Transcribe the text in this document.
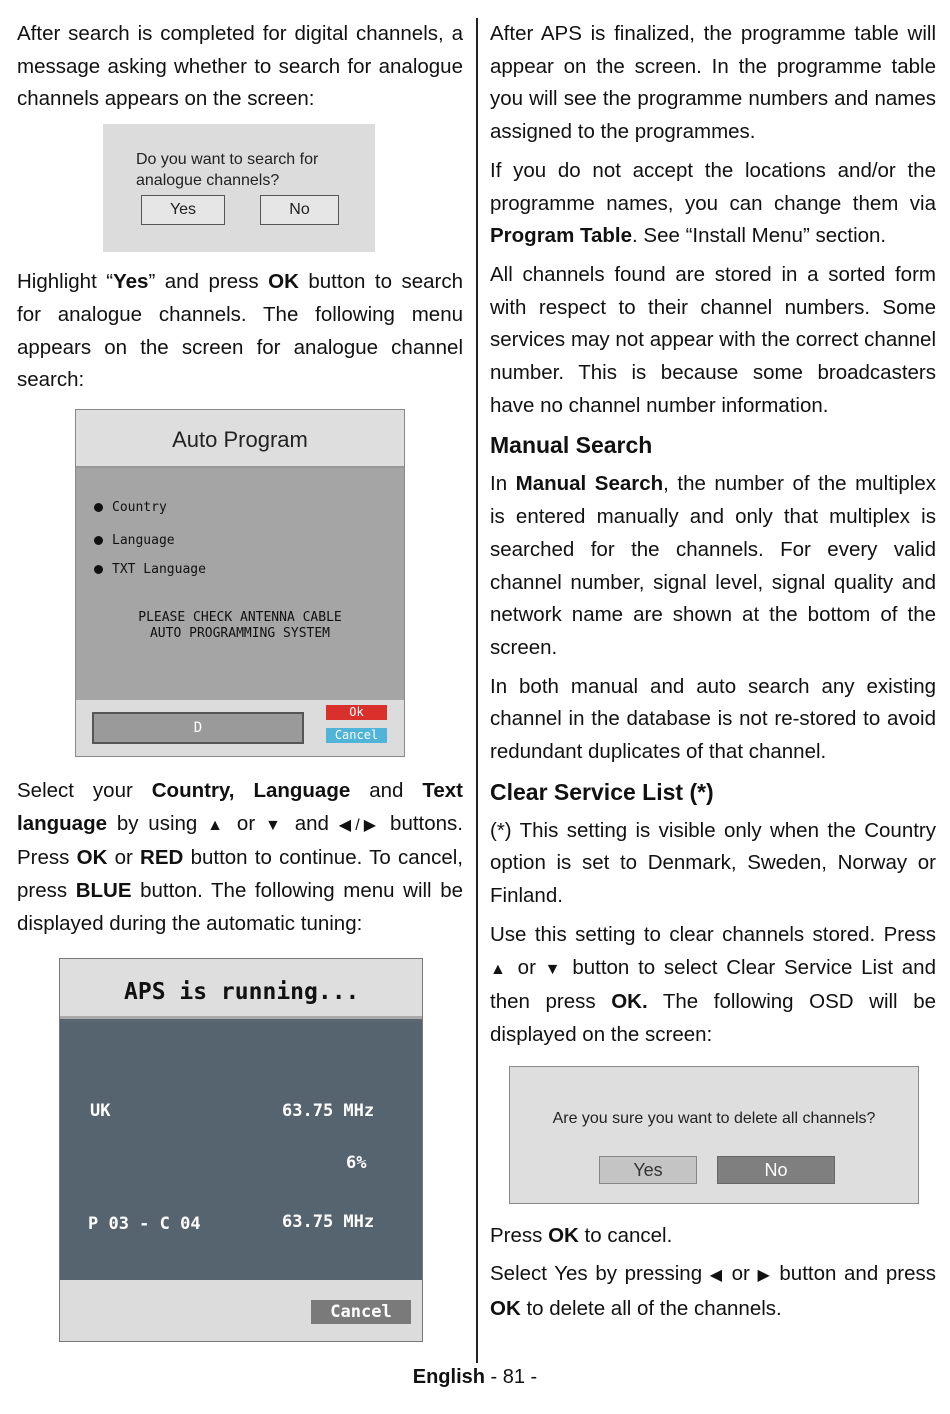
After search is completed for digital channels, a message asking whether to search for analogue channels appears on the screen:

Do you want to search for
analogue channels?
Yes	No

Highlight “Yes” and press OK button to search for analogue channels. The following menu appears on the screen for analogue channel search:

Auto Program
Country
Language
TXT Language
PLEASE CHECK ANTENNA CABLE
AUTO PROGRAMMING SYSTEM
D
Ok
Cancel

Select your Country, Language and Text language by using ▲ or ▼ and ◀/▶ buttons. Press OK or RED button to continue. To cancel, press BLUE button. The following menu will be displayed during the automatic tuning:

APS is running...
UK	63.75 MHz
6%
P 03 - C 04	63.75 MHz
Cancel

After APS is finalized, the programme table will appear on the screen. In the programme table you will see the programme numbers and names assigned to the programmes.

If you do not accept the locations and/or the programme names, you can change them via Program Table. See “Install Menu” section.

All channels found are stored in a sorted form with respect to their channel numbers. Some services may not appear with the correct channel number. This is because some broadcasters have no channel number information.

Manual Search

In Manual Search, the number of the multiplex is entered manually and only that multiplex is searched for the channels. For every valid channel number, signal level, signal quality and network name are shown at the bottom of the screen.

In both manual and auto search any existing channel in the database is not re-stored to avoid redundant duplicates of that channel.

Clear Service List (*)

(*) This setting is visible only when the Country option is set to Denmark, Sweden, Norway or Finland.

Use this setting to clear channels stored. Press ▲ or ▼ button to select Clear Service List and then press OK. The following OSD will be displayed on the screen:

Are you sure you want to delete all channels?
Yes	No

Press OK to cancel.

Select Yes by pressing ◀ or ▶ button and press OK to delete all of the channels.

English - 81 -
